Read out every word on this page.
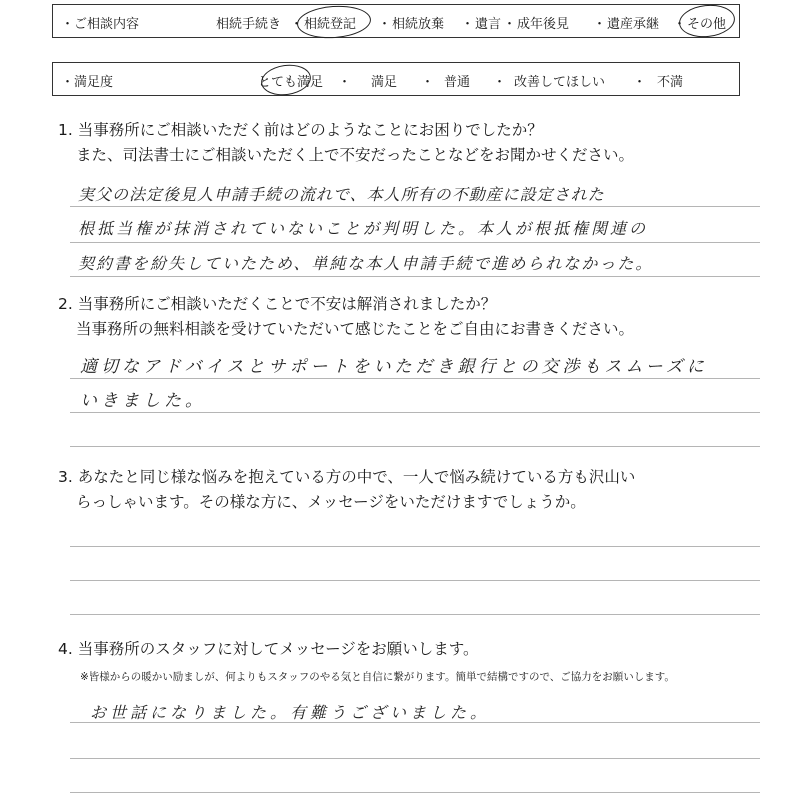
・ご相談内容	相続手続き ・ 相続登記 ・ 相続放棄 ・ 遺言 ・ 成年後見 ・ 遺産承継 ・ その他
・満足度	とても満足 ・ 満足 ・ 普通 ・ 改善してほしい ・ 不満
1. 当事務所にご相談いただく前はどのようなことにお困りでしたか？
また、司法書士にご相談いただく上で不安だったことなどをお聞かせください。
実父の法定後見人申請手続の流れで、本人所有の不動産に設定された
根抵当権が抹消されていないことが判明した。本人が根抵権関連の
契約書を紛失していたため、単純な本人申請手続で進められなかった。
2. 当事務所にご相談いただくことで不安は解消されましたか？
当事務所の無料相談を受けていただいて感じたことをご自由にお書きください。
適切なアドバイスとサポートをいただき銀行との交渉もスムーズに
いきました。
3. あなたと同じ様な悩みを抱えている方の中で、一人で悩み続けている方も沢山い
らっしゃいます。その様な方に、メッセージをいただけますでしょうか。
4. 当事務所のスタッフに対してメッセージをお願いします。
※皆様からの暖かい励ましが、何よりもスタッフのやる気と自信に繋がります。簡単で結構ですので、ご協力をお願いします。
お世話になりました。有難うございました。
